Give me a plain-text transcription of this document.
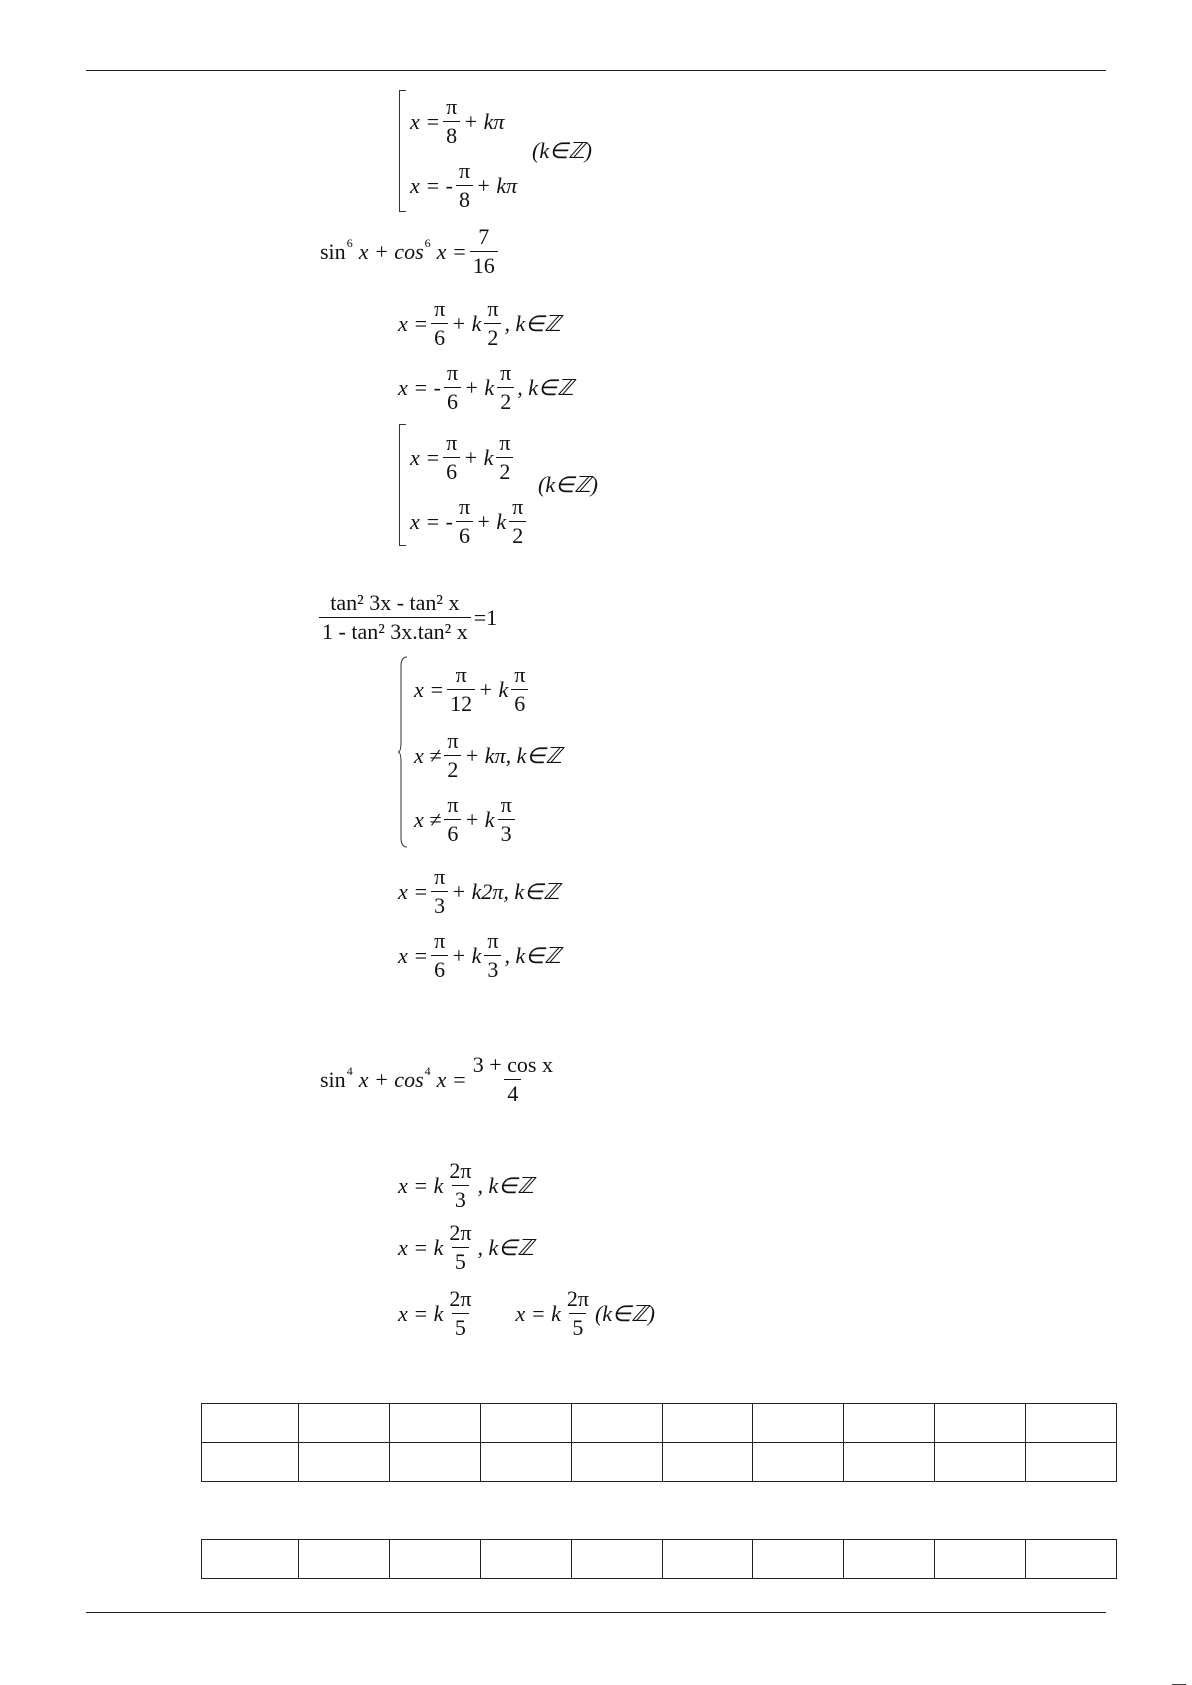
$x = \frac{\pi}{8} + k\pi$
x = - $\frac{\pi}{8} + k\pi$
(k∈ℤ)
sin 6 x + cos 6 $x = \frac{7}{16}$
$x = \frac{\pi}{6} + k \frac{\pi}{2}$ , k∈ℤ
x = - $\frac{\pi}{6} + k \frac{\pi}{2}$ , k∈ℤ
$x = \frac{\pi}{6} + k \frac{\pi}{2}$
x = - $\frac{\pi}{6} + k \frac{\pi}{2}$
(k∈ℤ)
$\frac{\text{tan² 3x - tan² x}}{\text{1 - tan² 3x.tan² x}} =1$
$x = \frac{\pi}{12} + k \frac{\pi}{6}$
$x \ne \frac{\pi}{2} + k\pi$, k∈ℤ
$x \ne \frac{\pi}{6} + k \frac{\pi}{3}$
$x = \frac{\pi}{3} + k2\pi$, k∈ℤ
$x = \frac{\pi}{6} + k \frac{\pi}{3}$ , k∈ℤ
sin 4 x + cos 4 $x = \frac{\text{3 + cos x}}{4}$
x = k $\frac{2\pi}{3}$ , k∈ℤ
x = k $\frac{2\pi}{5}$ , k∈ℤ
x = k $\frac{2\pi}{5}$ x = k $\frac{2\pi}{5}$ (k∈ℤ)
